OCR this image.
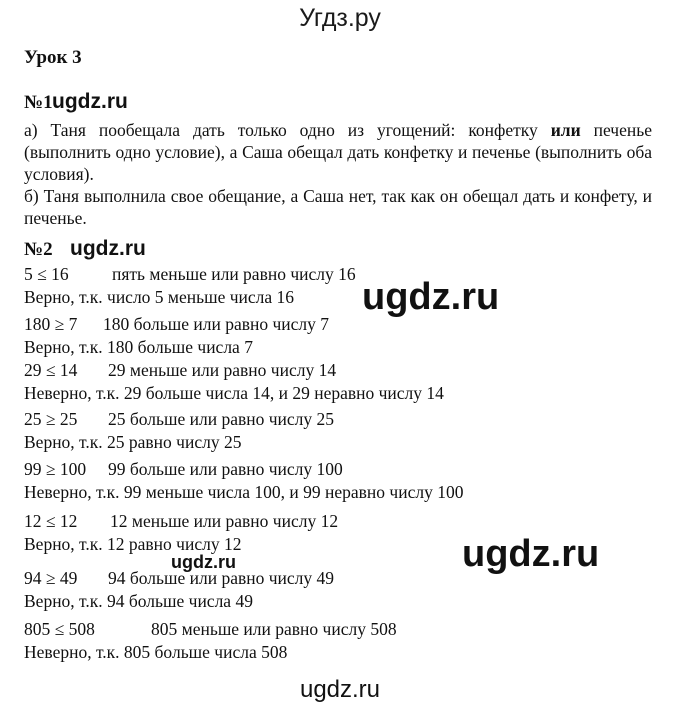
Угдз.ру
Урок 3
№1 ugdz.ru

а) Таня пообещала дать только одно из угощений: конфетку или печенье (выполнить одно условие), а Саша обещал дать конфетку и печенье (выполнить оба условия).

б) Таня выполнила свое обещание, а Саша нет, так как он обещал дать и конфету, и печенье.

№2 ugdz.ru
5 ≤ 16 пять меньше или равно числу 16
Верно, т.к. число 5 меньше числа 16 ugdz.ru
180 ≥ 7 180 больше или равно числу 7
Верно, т.к. 180 больше числа 7
29 ≤ 14 29 меньше или равно числу 14
Неверно, т.к. 29 больше числа 14, и 29 неравно числу 14
25 ≥ 25 25 больше или равно числу 25
Верно, т.к. 25 равно числу 25
99 ≥ 100 99 больше или равно числу 100
Неверно, т.к. 99 меньше числа 100, и 99 неравно числу 100
12 ≤ 12 12 меньше или равно числу 12
Верно, т.к. 12 равно числу 12
ugdz.ru	ugdz.ru
94 ≥ 49 94 больше или равно числу 49
Верно, т.к. 94 больше числа 49
805 ≤ 508	805 меньше или равно числу 508
Неверно, т.к. 805 больше числа 508
ugdz.ru
